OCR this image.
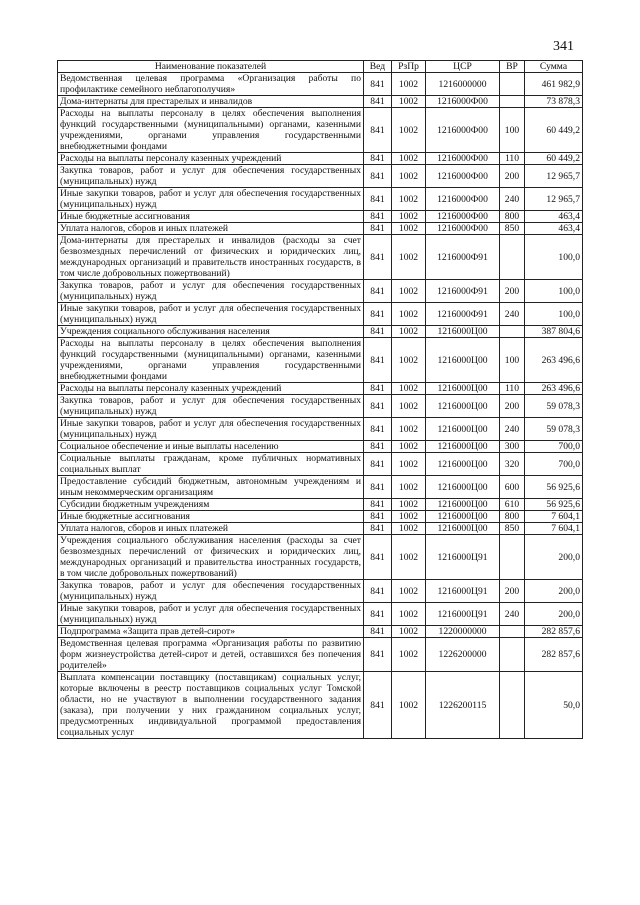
341
Наименование показателей	Вед	РзПр	ЦСР	ВР	Сумма
Ведомственная целевая программа «Организация работы по профилактике семейного неблагополучия»	841	1002	1216000000		461 982,9
Дома-интернаты для престарелых и инвалидов	841	1002	1216000Ф00		73 878,3
Расходы на выплаты персоналу в целях обеспечения выполнения функций государственными (муниципальными) органами, казенными учреждениями, органами управления государственными внебюджетными фондами	841	1002	1216000Ф00	100	60 449,2
Расходы на выплаты персоналу казенных учреждений	841	1002	1216000Ф00	110	60 449,2
Закупка товаров, работ и услуг для обеспечения государственных (муниципальных) нужд	841	1002	1216000Ф00	200	12 965,7
Иные закупки товаров, работ и услуг для обеспечения государственных (муниципальных) нужд	841	1002	1216000Ф00	240	12 965,7
Иные бюджетные ассигнования	841	1002	1216000Ф00	800	463,4
Уплата налогов, сборов и иных платежей	841	1002	1216000Ф00	850	463,4
Дома-интернаты для престарелых и инвалидов (расходы за счет безвозмездных перечислений от физических и юридических лиц, международных организаций и правительств иностранных государств, в том числе добровольных пожертвований)	841	1002	1216000Ф91		100,0
Закупка товаров, работ и услуг для обеспечения государственных (муниципальных) нужд	841	1002	1216000Ф91	200	100,0
Иные закупки товаров, работ и услуг для обеспечения государственных (муниципальных) нужд	841	1002	1216000Ф91	240	100,0
Учреждения социального обслуживания населения	841	1002	1216000Ц00		387 804,6
Расходы на выплаты персоналу в целях обеспечения выполнения функций государственными (муниципальными) органами, казенными учреждениями, органами управления государственными внебюджетными фондами	841	1002	1216000Ц00	100	263 496,6
Расходы на выплаты персоналу казенных учреждений	841	1002	1216000Ц00	110	263 496,6
Закупка товаров, работ и услуг для обеспечения государственных (муниципальных) нужд	841	1002	1216000Ц00	200	59 078,3
Иные закупки товаров, работ и услуг для обеспечения государственных (муниципальных) нужд	841	1002	1216000Ц00	240	59 078,3
Социальное обеспечение и иные выплаты населению	841	1002	1216000Ц00	300	700,0
Социальные выплаты гражданам, кроме публичных нормативных социальных выплат	841	1002	1216000Ц00	320	700,0
Предоставление субсидий бюджетным, автономным учреждениям и иным некоммерческим организациям	841	1002	1216000Ц00	600	56 925,6
Субсидии бюджетным учреждениям	841	1002	1216000Ц00	610	56 925,6
Иные бюджетные ассигнования	841	1002	1216000Ц00	800	7 604,1
Уплата налогов, сборов и иных платежей	841	1002	1216000Ц00	850	7 604,1
Учреждения социального обслуживания населения (расходы за счет безвозмездных перечислений от физических и юридических лиц, международных организаций и правительства иностранных государств, в том числе добровольных пожертвований)	841	1002	1216000Ц91		200,0
Закупка товаров, работ и услуг для обеспечения государственных (муниципальных) нужд	841	1002	1216000Ц91	200	200,0
Иные закупки товаров, работ и услуг для обеспечения государственных (муниципальных) нужд	841	1002	1216000Ц91	240	200,0
Подпрограмма «Защита прав детей-сирот»	841	1002	1220000000		282 857,6
Ведомственная целевая программа «Организация работы по развитию форм жизнеустройства детей-сирот и детей, оставшихся без попечения родителей»	841	1002	1226200000		282 857,6
Выплата компенсации поставщику (поставщикам) социальных услуг, которые включены в реестр поставщиков социальных услуг Томской области, но не участвуют в выполнении государственного задания (заказа), при получении у них гражданином социальных услуг, предусмотренных индивидуальной программой предоставления социальных услуг	841	1002	1226200115		50,0
